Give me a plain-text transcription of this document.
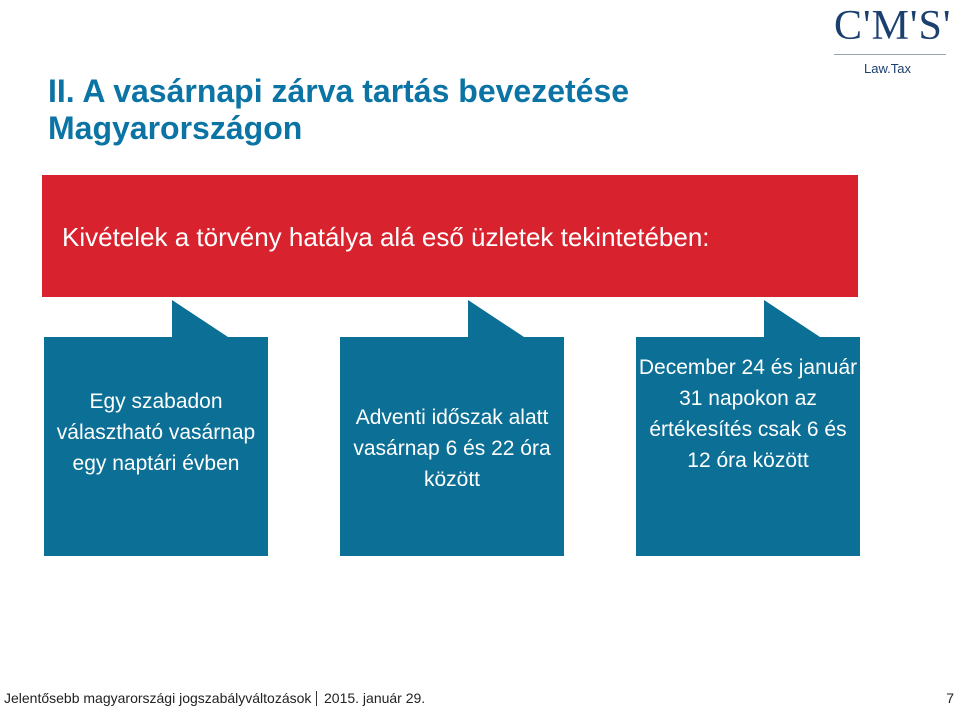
C'M'S'
Law.Tax
II. A vasárnapi zárva tartás bevezetése Magyarországon
Kivételek a törvény hatálya alá eső üzletek tekintetében:
Egy szabadon választható vasárnap egy naptári évben
Adventi időszak alatt vasárnap 6 és 22 óra között
December 24 és január 31 napokon az értékesítés csak 6 és 12 óra között
Jelentősebb magyarországi jogszabályváltozások 2015. január 29.	7
